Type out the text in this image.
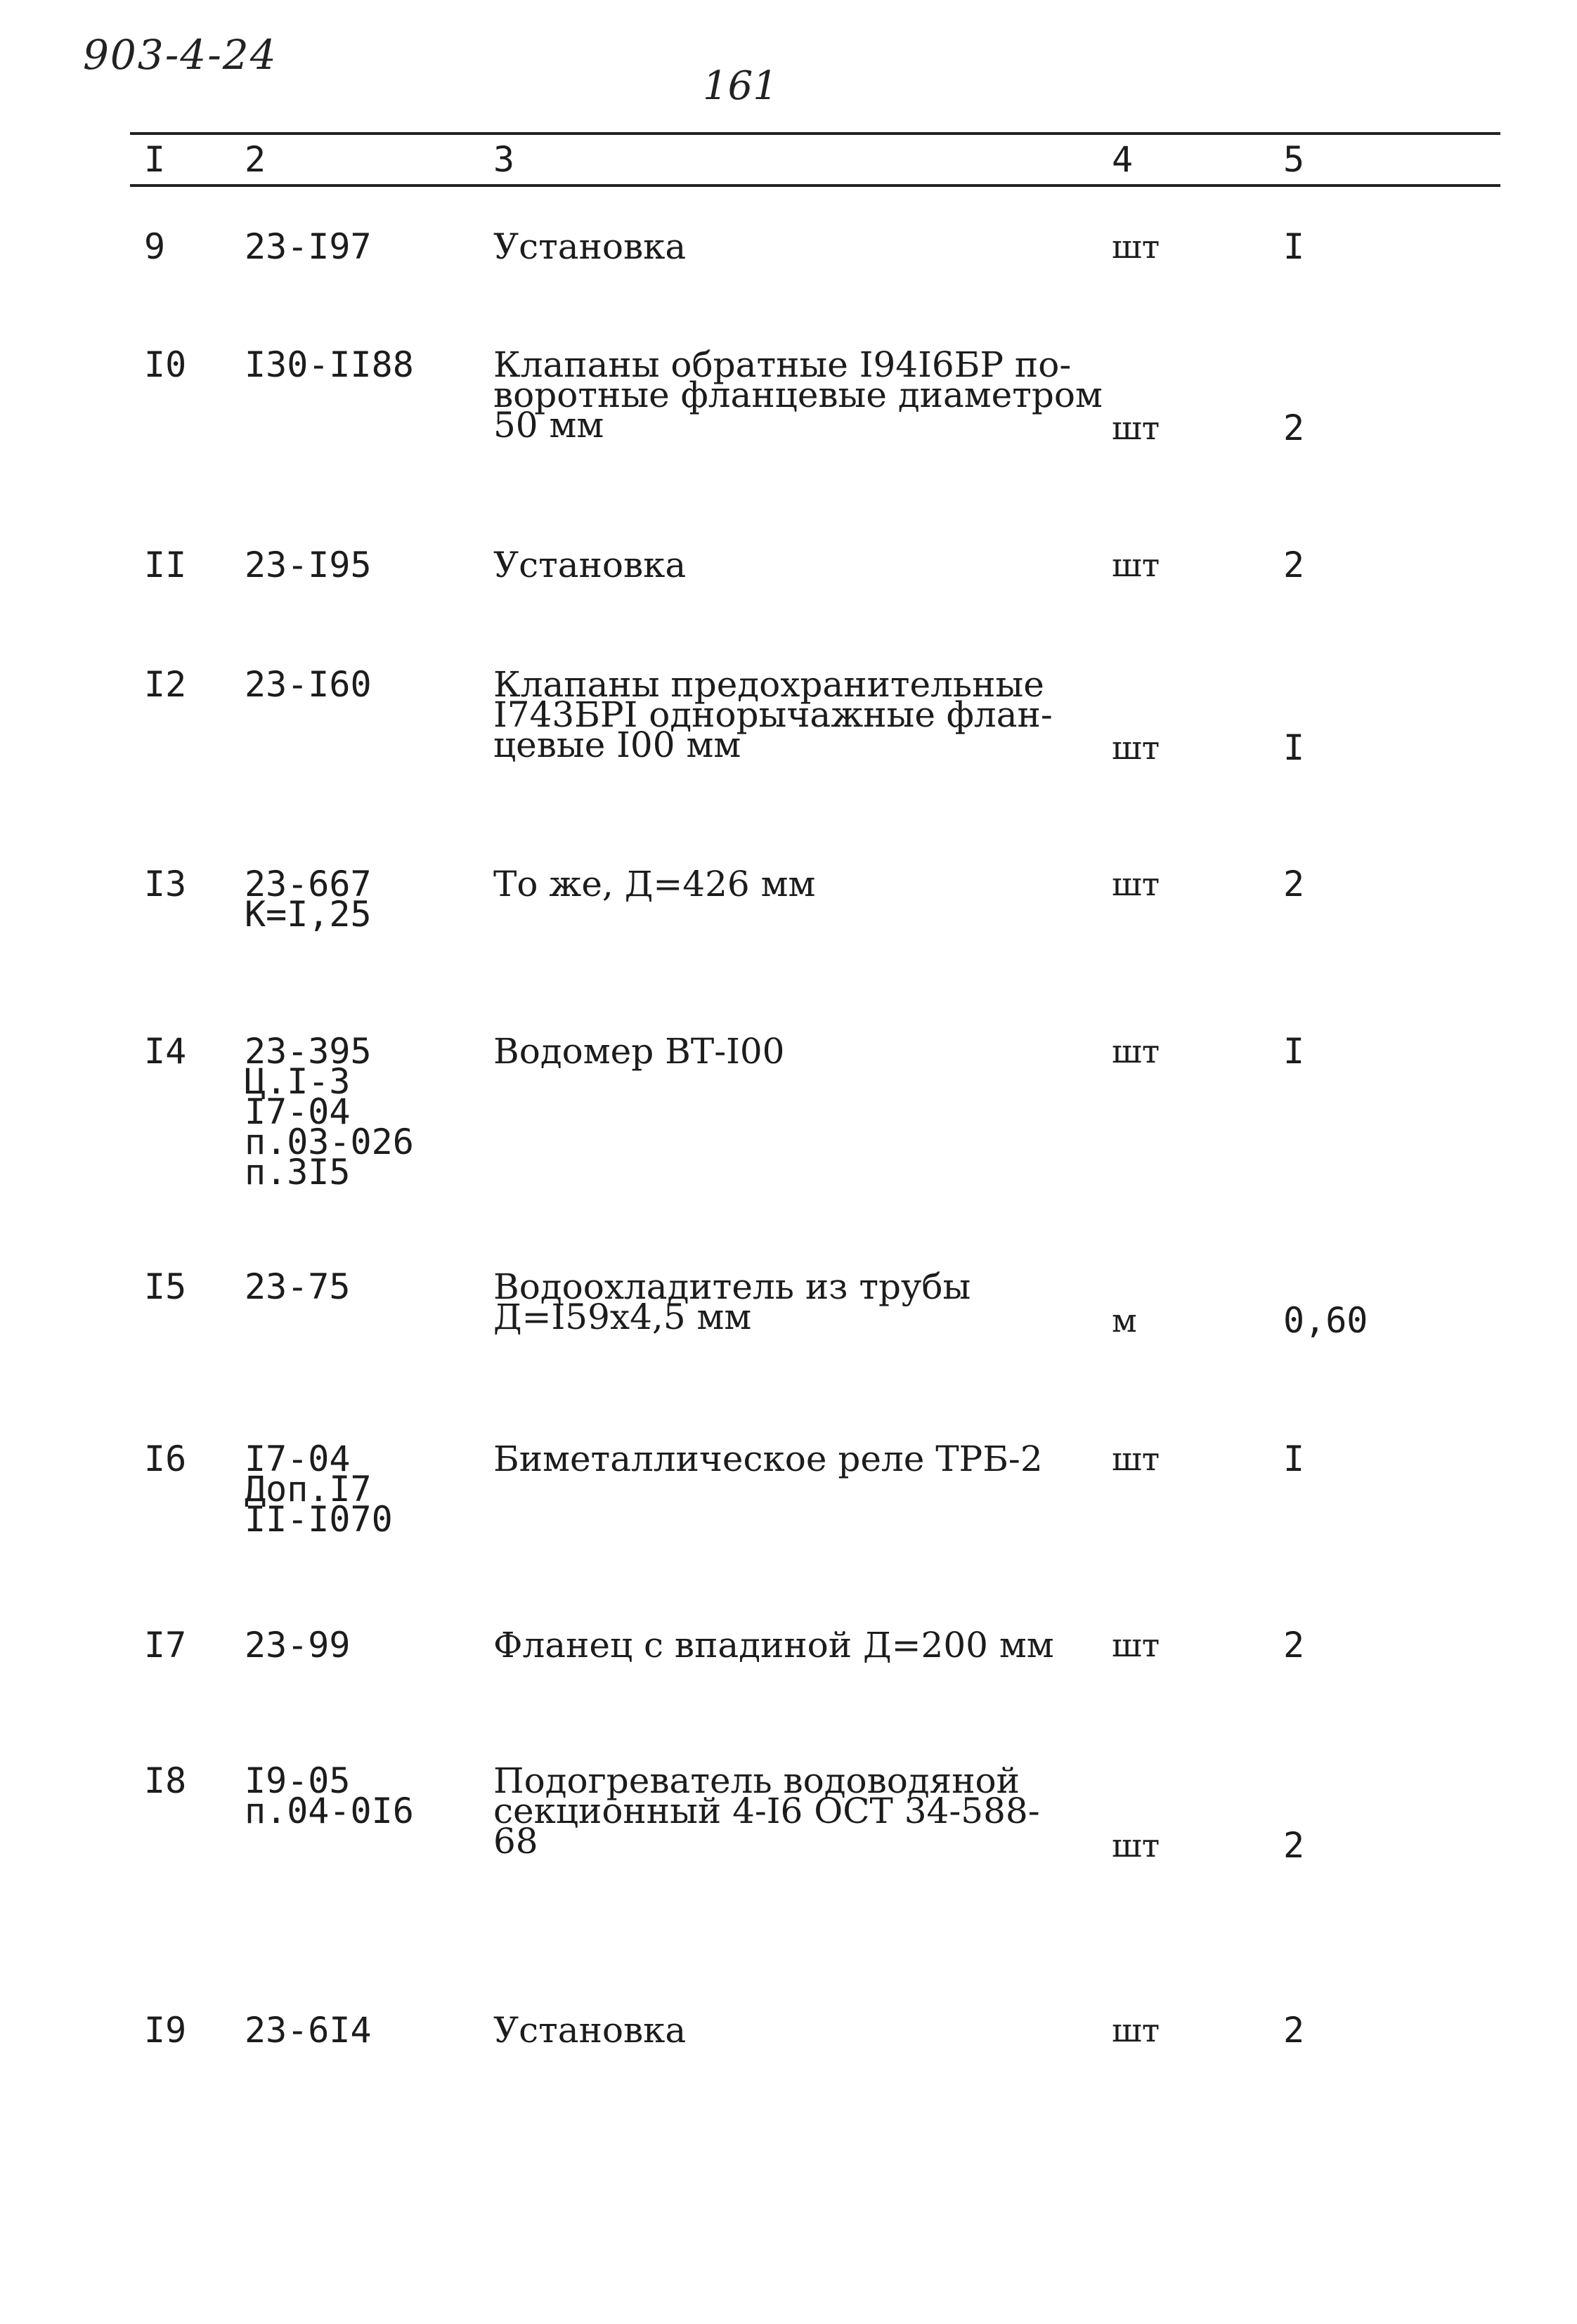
903-4-24
161
I 2	3	4	5
9 23-I97	Установка	шт	I
I0 I30-II88 Клапаны обратные I94I6БР по-
воротные фланцевые диаметром
50 мм	шт	2
II 23-I95	Установка	шт	2
I2 23-I60	Клапаны предохранительные
I743БРI однорычажные флан-
цевые I00 мм	шт	I
I3 23-667
К=I,25
То же, Д=426 мм	шт	2
I4 23-395
Ц.I-3
I7-04
п.03-026
п.3I5
Водомер ВТ-I00	шт	I
I5 23-75	Водоохладитель из трубы
Д=I59х4,5 мм	м	0,60
I6 I7-04
Доп.I7
II-I070
Биметаллическое реле ТРБ-2 шт	I
I7 23-99	Фланец с впадиной Д=200 мм шт	2
I8 I9-05
п.04-0I6
Подогреватель водоводяной
секционный 4-I6 ОСТ 34-588-
68	шт	2
I9 23-6I4	Установка	шт	2
